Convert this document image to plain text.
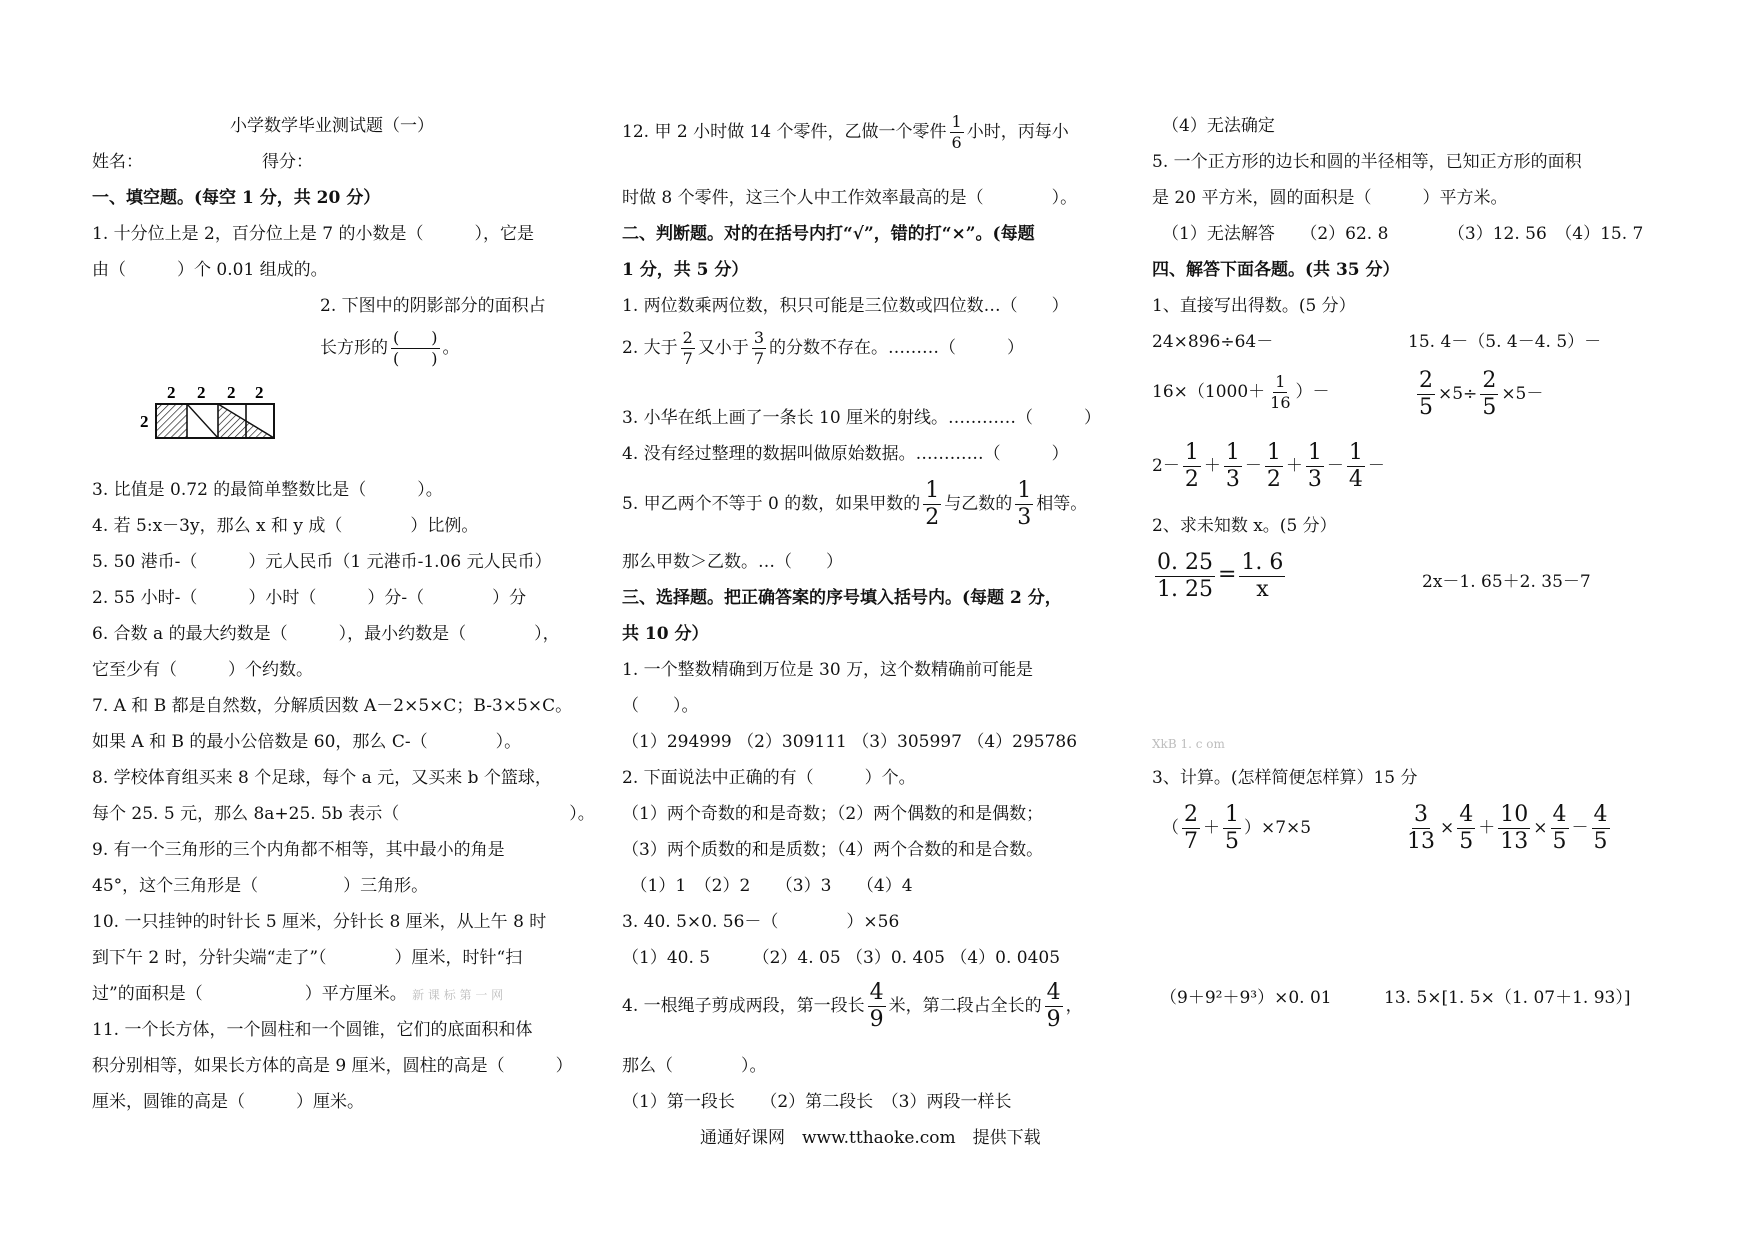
小学数学毕业测试题（一）
姓名：	得分：
一、填空题。(每空 1 分，共 20 分）
1. 十分位上是 2，百分位上是 7 的小数是（　　　），它是
由（　　　）个 0.01 组成的。
2. 下图中的阴影部分的面积占
长方形的
(　　)
(　　)
。
2 2 2 2
2
3. 比值是 0.72 的最简单整数比是（　　　）。
4. 若 5:x－3y，那么 x 和 y 成（　　　　）比例。
5. 50 港币-（　　　）元人民币（1 元港币-1.06 元人民币）
2. 55 小时-（　　　）小时（　　　）分-（　　　　）分
6. 合数 a 的最大约数是（　　　），最小约数是（　　　　），
它至少有（　　　）个约数。
7. A 和 B 都是自然数，分解质因数 A－2×5×C；B-3×5×C。
如果 A 和 B 的最小公倍数是 60，那么 C-（　　　　）。
8. 学校体育组买来 8 个足球，每个 a 元，又买来 b 个篮球，
每个 25. 5 元，那么 8a+25. 5b 表示（　　　　　　　　　　）。
9. 有一个三角形的三个内角都不相等，其中最小的角是
45°，这个三角形是（　　　　　）三角形。
10. 一只挂钟的时针长 5 厘米，分针长 8 厘米，从上午 8 时
到下午 2 时，分针尖端“走了”（　　　　）厘米，时针“扫
过”的面积是（　　　　　　）平方厘米。 新 课 标 第 一 网
11. 一个长方体，一个圆柱和一个圆锥，它们的底面积和体
积分别相等，如果长方体的高是 9 厘米，圆柱的高是（　　　）
厘米，圆锥的高是（　　　）厘米。
12. 甲 2 小时做 14 个零件，乙做一个零件 $\frac{1}{6}$ 小时，丙每小
时做 8 个零件，这三个人中工作效率最高的是（　　　　）。
二、判断题。对的在括号内打“√”，错的打“×”。(每题
1 分，共 5 分）
1. 两位数乘两位数，积只可能是三位数或四位数…（　　）
2. 大于 $\frac{2}{7}$ 又小于 $\frac{3}{7}$ 的分数不存在。………（　　　）
3. 小华在纸上画了一条长 10 厘米的射线。…………（　　　）
4. 没有经过整理的数据叫做原始数据。…………（　　　）
5. 甲乙两个不等于 0 的数，如果甲数的 $\frac{1}{2}$ 与乙数的 $\frac{1}{3}$ 相等。
那么甲数＞乙数。…（　　）
三、选择题。把正确答案的序号填入括号内。(每题 2 分，
共 10 分）
1. 一个整数精确到万位是 30 万，这个数精确前可能是
（　　）。
（1）294999 （2）309111 （3）305997 （4）295786
2. 下面说法中正确的有（　　　）个。
（1）两个奇数的和是奇数；（2）两个偶数的和是偶数；
（3）两个质数的和是质数；（4）两个合数的和是合数。
　（1）1　（2）2　　（3）3　　（4）4
3. 40. 5×0. 56－（　　　　）×56
（1）40. 5　　　（2）4. 05 （3）0. 405 （4）0. 0405
4. 一根绳子剪成两段，第一段长 $\frac{4}{9}$ 米，第二段占全长的 $\frac{4}{9}$ ，
那么（　　　　）。
（1）第一段长　　（2）第二段长　（3）两段一样长
（4）无法确定
5. 一个正方形的边长和圆的半径相等，已知正方形的面积
是 20 平方米，圆的面积是（　　　）平方米。
（1）无法解答　　（2）62. 8　　　　（3）12. 56　（4）15. 7
四、解答下面各题。(共 35 分）
1、直接写出得数。(5 分）
24×896÷64－	15. 4－（5. 4－4. 5）－
$16\times(1000+ \frac{1}{16}$ ）－	$\frac{2}{5} \times 5\div \frac{2}{5} \times 5-$
$2- \frac{1}{2} + \frac{1}{3} - \frac{1}{2} + \frac{1}{3} - \frac{1}{4}$ －
2、求未知数 x。(5 分）
$\frac{0. 25}{1. 25} = \frac{1. 6}{x}$	2x－1. 65＋2. 35－7
XkB 1. c om
3、计算。(怎样简便怎样算）15 分
（ $\frac{2}{7} + \frac{1}{5} )\times 7\times 5$	$\frac{3}{13} \times \frac{4}{5} + \frac{10}{13} \times \frac{4}{5} - \frac{4}{5}$
（9＋9²＋9³）×0. 01	13. 5×[1. 5×（1. 07＋1. 93）]
通通好课网　www.tthaoke.com　提供下载
